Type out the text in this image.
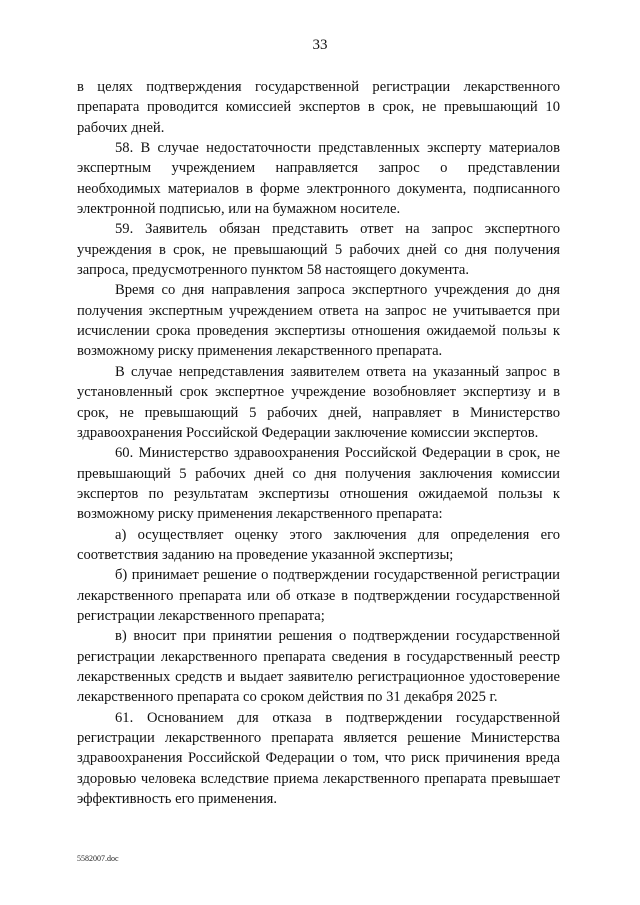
33

в целях подтверждения государственной регистрации лекарственного препарата проводится комиссией экспертов в срок, не превышающий 10 рабочих дней.

58. В случае недостаточности представленных эксперту материалов экспертным учреждением направляется запрос о представлении необходимых материалов в форме электронного документа, подписанного электронной подписью, или на бумажном носителе.

59. Заявитель обязан представить ответ на запрос экспертного учреждения в срок, не превышающий 5 рабочих дней со дня получения запроса, предусмотренного пунктом 58 настоящего документа.

Время со дня направления запроса экспертного учреждения до дня получения экспертным учреждением ответа на запрос не учитывается при исчислении срока проведения экспертизы отношения ожидаемой пользы к возможному риску применения лекарственного препарата.

В случае непредставления заявителем ответа на указанный запрос в установленный срок экспертное учреждение возобновляет экспертизу и в срок, не превышающий 5 рабочих дней, направляет в Министерство здравоохранения Российской Федерации заключение комиссии экспертов.

60. Министерство здравоохранения Российской Федерации в срок, не превышающий 5 рабочих дней со дня получения заключения комиссии экспертов по результатам экспертизы отношения ожидаемой пользы к возможному риску применения лекарственного препарата:

а) осуществляет оценку этого заключения для определения его соответствия заданию на проведение указанной экспертизы;

б) принимает решение о подтверждении государственной регистрации лекарственного препарата или об отказе в подтверждении государственной регистрации лекарственного препарата;

в) вносит при принятии решения о подтверждении государственной регистрации лекарственного препарата сведения в государственный реестр лекарственных средств и выдает заявителю регистрационное удостоверение лекарственного препарата со сроком действия по 31 декабря 2025 г.

61. Основанием для отказа в подтверждении государственной регистрации лекарственного препарата является решение Министерства здравоохранения Российской Федерации о том, что риск причинения вреда здоровью человека вследствие приема лекарственного препарата превышает эффективность его применения.

5582007.doc
